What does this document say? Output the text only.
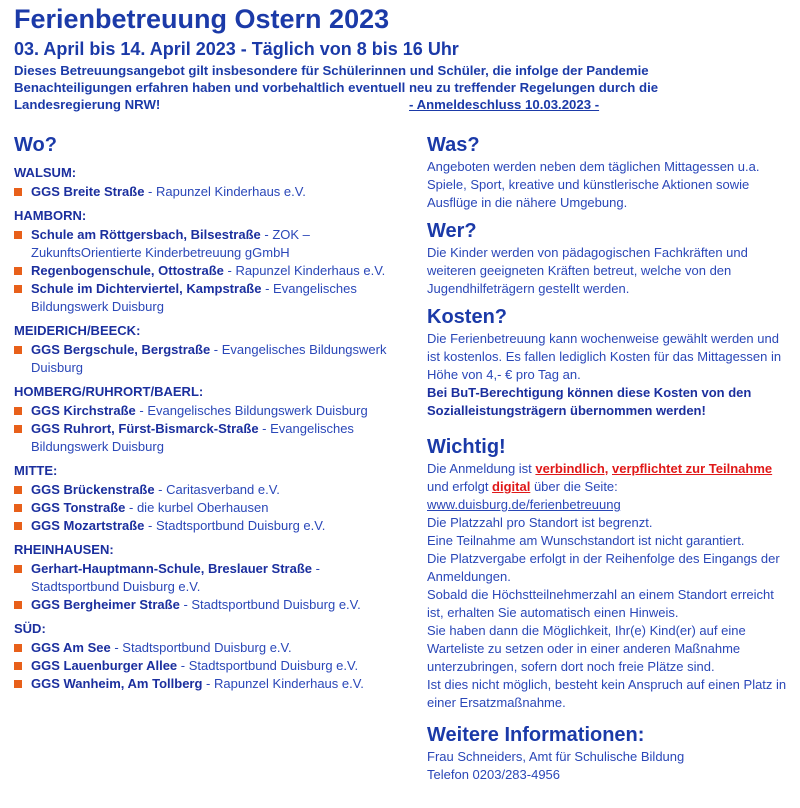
Ferienbetreuung Ostern 2023
03. April bis 14. April 2023 - Täglich von 8 bis 16 Uhr
Dieses Betreuungsangebot gilt insbesondere für Schülerinnen und Schüler, die infolge der Pandemie
Benachteiligungen erfahren haben und vorbehaltlich eventuell neu zu treffender Regelungen durch die
Landesregierung NRW!	- Anmeldeschluss 10.03.2023 -
Wo?
WALSUM:
GGS Breite Straße - Rapunzel Kinderhaus e.V.
HAMBORN:
Schule am Röttgersbach, Bilsestraße - ZOK – ZukunftsOrientierte Kinderbetreuung gGmbH
Regenbogenschule, Ottostraße - Rapunzel Kinderhaus e.V.
Schule im Dichterviertel, Kampstraße - Evangelisches Bildungswerk Duisburg
MEIDERICH/BEECK:
GGS Bergschule, Bergstraße - Evangelisches Bildungswerk Duisburg
HOMBERG/RUHRORT/BAERL:
GGS Kirchstraße - Evangelisches Bildungswerk Duisburg
GGS Ruhrort, Fürst-Bismarck-Straße - Evangelisches Bildungswerk Duisburg
MITTE:
GGS Brückenstraße - Caritasverband e.V.
GGS Tonstraße - die kurbel Oberhausen
GGS Mozartstraße - Stadtsportbund Duisburg e.V.
RHEINHAUSEN:
Gerhart-Hauptmann-Schule, Breslauer Straße - Stadtsportbund Duisburg e.V.
GGS Bergheimer Straße - Stadtsportbund Duisburg e.V.
SÜD:
GGS Am See - Stadtsportbund Duisburg e.V.
GGS Lauenburger Allee - Stadtsportbund Duisburg e.V.
GGS Wanheim, Am Tollberg - Rapunzel Kinderhaus e.V.
Was?
Angeboten werden neben dem täglichen Mittagessen u.a. Spiele, Sport, kreative und künstlerische Aktionen sowie Ausflüge in die nähere Umgebung.
Wer?
Die Kinder werden von pädagogischen Fachkräften und weiteren geeigneten Kräften betreut, welche von den Jugendhilfeträgern gestellt werden.
Kosten?
Die Ferienbetreuung kann wochenweise gewählt werden und ist kostenlos. Es fallen lediglich Kosten für das Mittagessen in Höhe von 4,- € pro Tag an.
Bei BuT-Berechtigung können diese Kosten von den Sozialleistungsträgern übernommen werden!
Wichtig!
Die Anmeldung ist verbindlich, verpflichtet zur Teilnahme und erfolgt digital über die Seite:
www.duisburg.de/ferienbetreuung
Die Platzzahl pro Standort ist begrenzt.
Eine Teilnahme am Wunschstandort ist nicht garantiert.
Die Platzvergabe erfolgt in der Reihenfolge des Eingangs der Anmeldungen.
Sobald die Höchstteilnehmerzahl an einem Standort erreicht ist, erhalten Sie automatisch einen Hinweis.
Sie haben dann die Möglichkeit, Ihr(e) Kind(er) auf eine Warteliste zu setzen oder in einer anderen Maßnahme unterzubringen, sofern dort noch freie Plätze sind.
Ist dies nicht möglich, besteht kein Anspruch auf einen Platz in einer Ersatzmaßnahme.
Weitere Informationen:
Frau Schneiders, Amt für Schulische Bildung
Telefon 0203/283-4956
